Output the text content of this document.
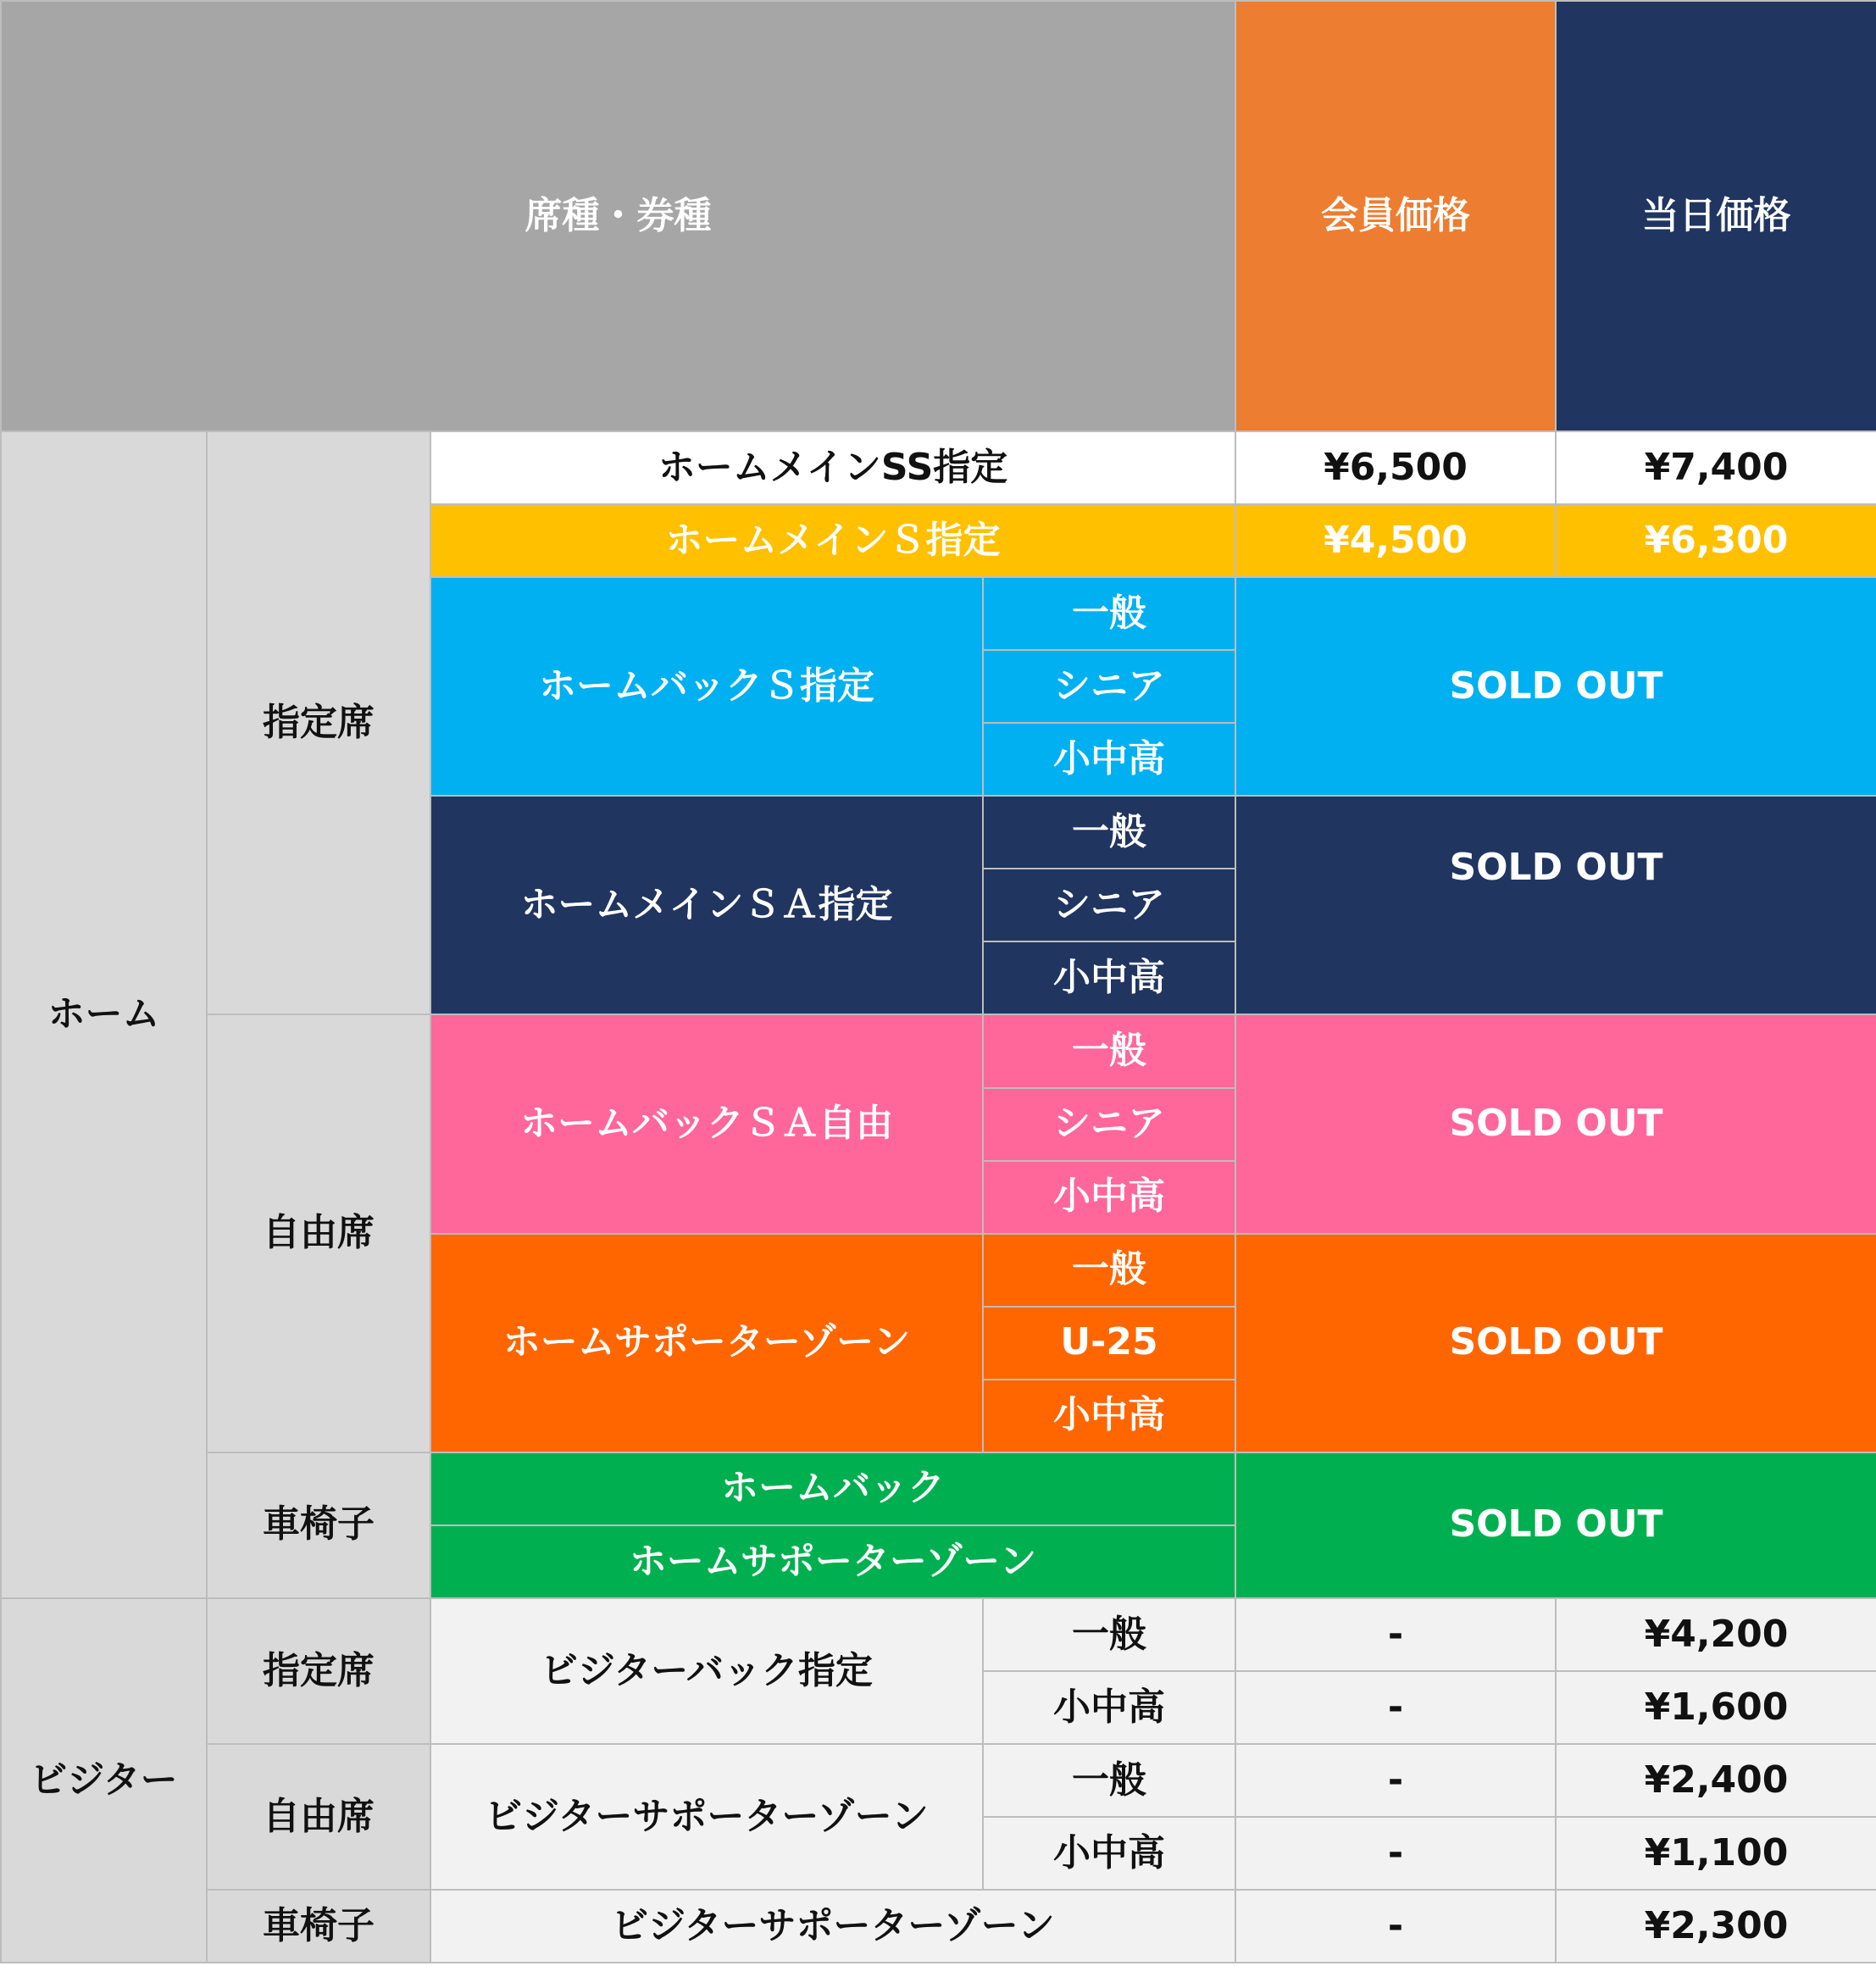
席種・券種				会員価格	当日価格
ホーム	指定席	ホームメインSS指定		¥6,500	¥7,400
		ホームメインＳ指定		¥4,500	¥6,300
		ホームバックＳ指定	一般	SOLD OUT	
			シニア		
			小中高		
		ホームメインＳＡ指定	一般	SOLD OUT	
			シニア		
			小中高		
	自由席	ホームバックＳＡ自由	一般	SOLD OUT	
			シニア		
			小中高		
		ホームサポーターゾーン	一般	SOLD OUT	
			U-25		
			小中高		
	車椅子	ホームバック		SOLD OUT	
		ホームサポーターゾーン			
ビジター	指定席	ビジターバック指定	一般	-	¥4,200
			小中高	-	¥1,600
	自由席	ビジターサポーターゾーン	一般	-	¥2,400
			小中高	-	¥1,100
	車椅子	ビジターサポーターゾーン		-	¥2,300
